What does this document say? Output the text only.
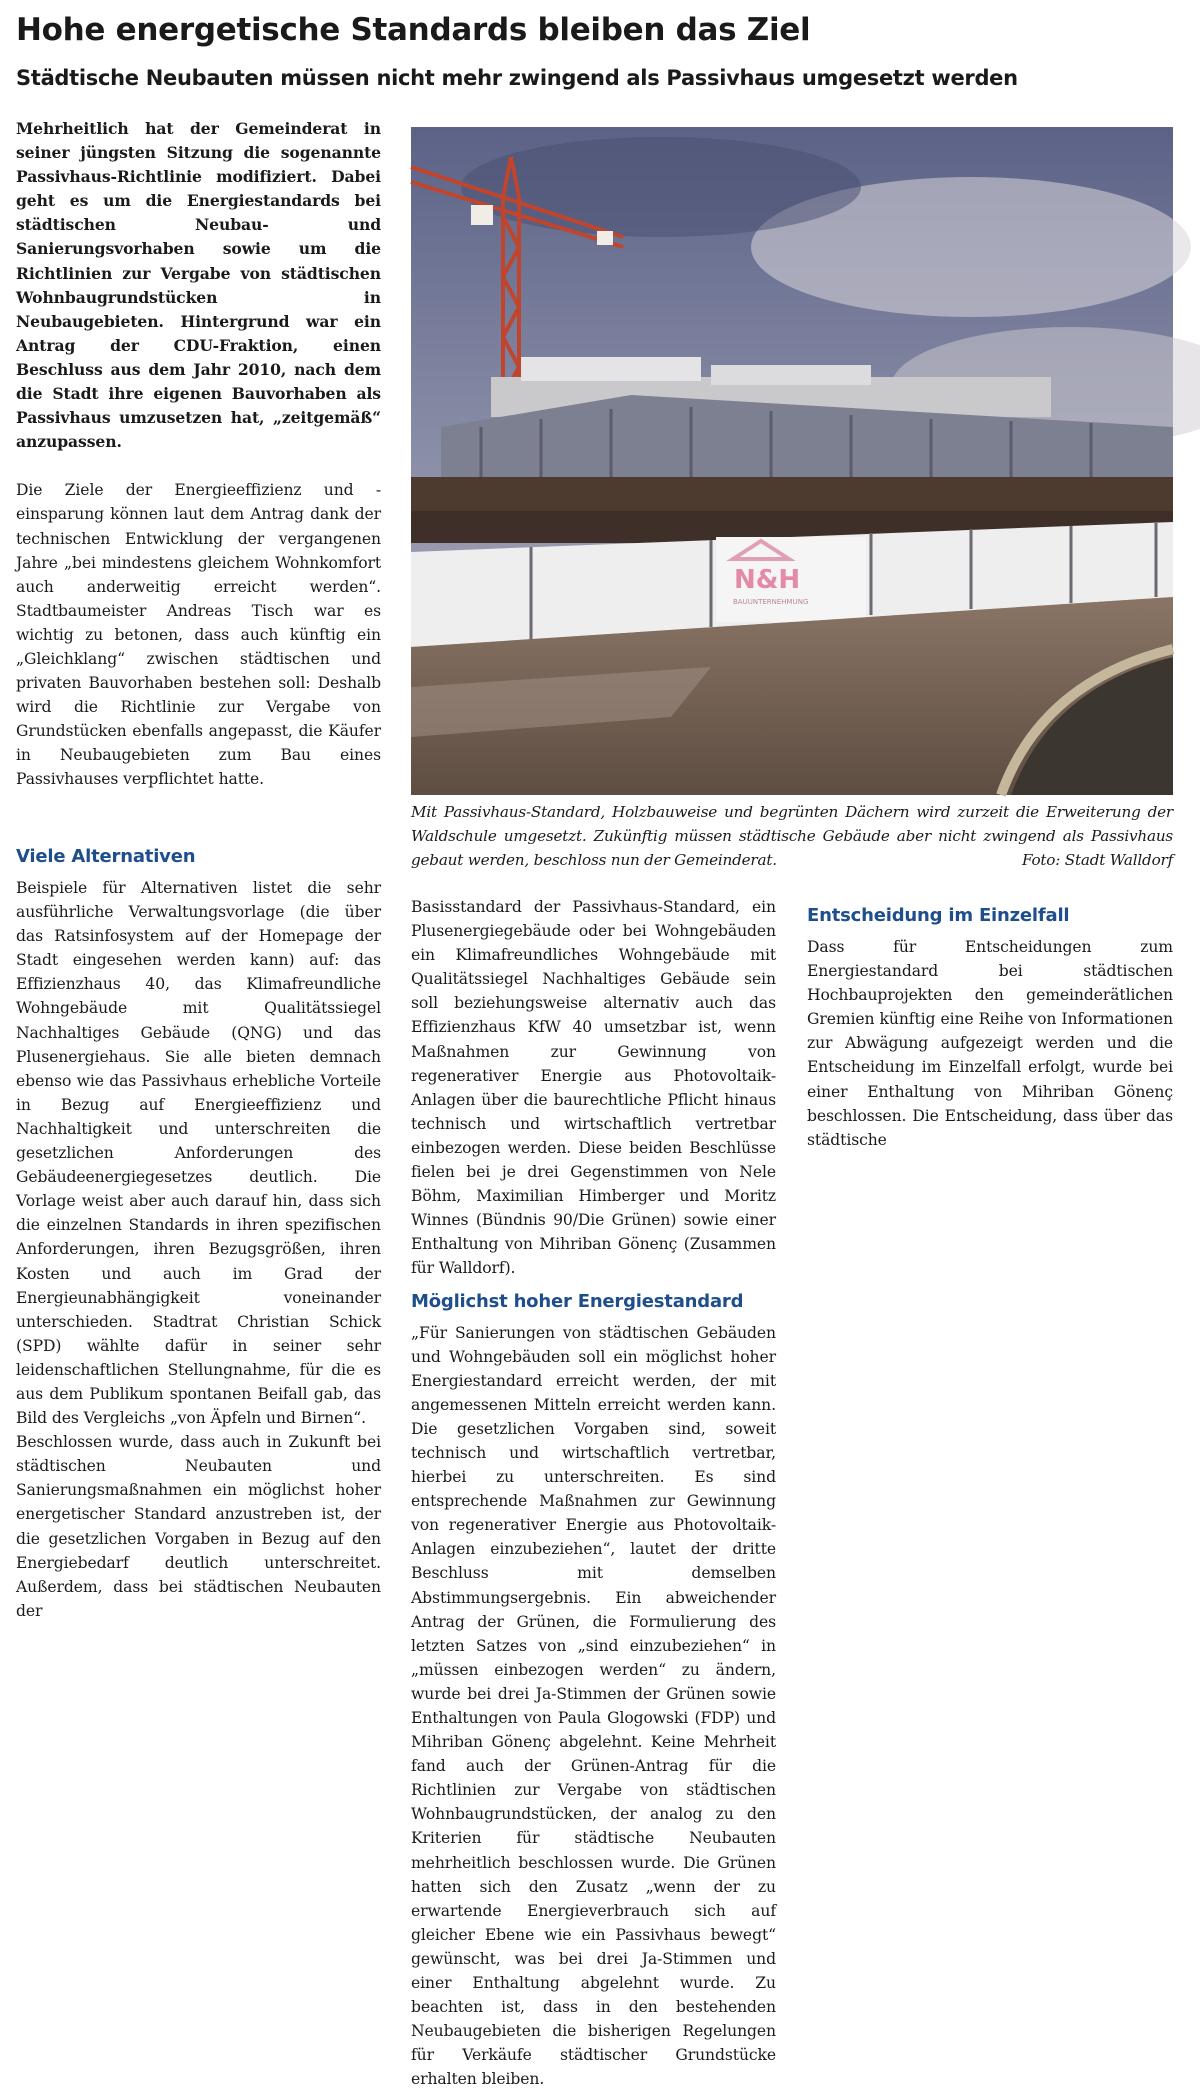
Hohe energetische Standards bleiben das Ziel
Städtische Neubauten müssen nicht mehr zwingend als Passivhaus umgesetzt werden

Mehrheitlich hat der Gemeinderat in seiner jüngsten Sitzung die sogenannte Passivhaus-Richtlinie modifiziert. Dabei geht es um die Energiestandards bei städtischen Neubau- und Sanierungsvorhaben sowie um die Richtlinien zur Vergabe von städtischen Wohnbaugrundstücken in Neubaugebieten. Hintergrund war ein Antrag der CDU-Fraktion, einen Beschluss aus dem Jahr 2010, nach dem die Stadt ihre eigenen Bauvorhaben als Passivhaus umzusetzen hat, „zeitgemäß“ anzupassen.

Die Ziele der Energieeffizienz und -einsparung können laut dem Antrag dank der technischen Entwicklung der vergangenen Jahre „bei mindestens gleichem Wohnkomfort auch anderweitig erreicht werden“. Stadtbaumeister Andreas Tisch war es wichtig zu betonen, dass auch künftig ein „Gleichklang“ zwischen städtischen und privaten Bauvorhaben bestehen soll: Deshalb wird die Richtlinie zur Vergabe von Grundstücken ebenfalls angepasst, die Käufer in Neubaugebieten zum Bau eines Passivhauses verpflichtet hatte.

N&H
BAUUNTERNEHMUNG
Mit Passivhaus-Standard, Holzbauweise und begrünten Dächern wird zurzeit die Erweiterung der Waldschule umgesetzt. Zukünftig müssen städtische Gebäude aber nicht zwingend als Passivhaus gebaut werden, beschloss nun der Gemeinderat.	Foto: Stadt Walldorf
Viele Alternativen

Beispiele für Alternativen listet die sehr ausführliche Verwaltungsvorlage (die über das Ratsinfosystem auf der Homepage der Stadt eingesehen werden kann) auf: das Effizienzhaus 40, das Klimafreundliche Wohngebäude mit Qualitätssiegel Nachhaltiges Gebäude (QNG) und das Plusenergiehaus. Sie alle bieten demnach ebenso wie das Passivhaus erhebliche Vorteile in Bezug auf Energieeffizienz und Nachhaltigkeit und unterschreiten die gesetzlichen Anforderungen des Gebäudeenergiegesetzes deutlich. Die Vorlage weist aber auch darauf hin, dass sich die einzelnen Standards in ihren spezifischen Anforderungen, ihren Bezugsgrößen, ihren Kosten und auch im Grad der Energieunabhängigkeit voneinander unterschieden. Stadtrat Christian Schick (SPD) wählte dafür in seiner sehr leidenschaftlichen Stellungnahme, für die es aus dem Publikum spontanen Beifall gab, das Bild des Vergleichs „von Äpfeln und Birnen“.

Beschlossen wurde, dass auch in Zukunft bei städtischen Neubauten und Sanierungsmaßnahmen ein möglichst hoher energetischer Standard anzustreben ist, der die gesetzlichen Vorgaben in Bezug auf den Energiebedarf deutlich unterschreitet. Außerdem, dass bei städtischen Neubauten der

Basisstandard der Passivhaus-Standard, ein Plusenergiegebäude oder bei Wohngebäuden ein Klimafreundliches Wohngebäude mit Qualitätssiegel Nachhaltiges Gebäude sein soll beziehungsweise alternativ auch das Effizienzhaus KfW 40 umsetzbar ist, wenn Maßnahmen zur Gewinnung von regenerativer Energie aus Photovoltaik-Anlagen über die baurechtliche Pflicht hinaus technisch und wirtschaftlich vertretbar einbezogen werden. Diese beiden Beschlüsse fielen bei je drei Gegenstimmen von Nele Böhm, Maximilian Himberger und Moritz Winnes (Bündnis 90/Die Grünen) sowie einer Enthaltung von Mihriban Gönenç (Zusammen für Walldorf).

Möglichst hoher Energiestandard

„Für Sanierungen von städtischen Gebäuden und Wohngebäuden soll ein möglichst hoher Energiestandard erreicht werden, der mit angemessenen Mitteln erreicht werden kann. Die gesetzlichen Vorgaben sind, soweit technisch und wirtschaftlich vertretbar, hierbei zu unterschreiten. Es sind entsprechende Maßnahmen zur Gewinnung von regenerativer Energie aus Photovoltaik-Anlagen einzubeziehen“, lautet der dritte Beschluss mit demselben Abstimmungsergebnis. Ein abweichender Antrag der Grünen, die Formulierung des letzten Satzes von „sind einzubeziehen“ in „müssen einbezogen werden“ zu ändern, wurde bei drei Ja-Stimmen der Grünen sowie Enthaltungen von Paula Glogowski (FDP) und Mihriban Gönenç abgelehnt. Keine Mehrheit fand auch der Grünen-Antrag für die Richtlinien zur Vergabe von städtischen Wohnbaugrundstücken, der analog zu den Kriterien für städtische Neubauten mehrheitlich beschlossen wurde. Die Grünen hatten sich den Zusatz „wenn der zu erwartende Energieverbrauch sich auf gleicher Ebene wie ein Passivhaus bewegt“ gewünscht, was bei drei Ja-Stimmen und einer Enthaltung abgelehnt wurde. Zu beachten ist, dass in den bestehenden Neubaugebieten die bisherigen Regelungen für Verkäufe städtischer Grundstücke erhalten bleiben.

Entscheidung im Einzelfall

Dass für Entscheidungen zum Energiestandard bei städtischen Hochbauprojekten den gemeinderätlichen Gremien künftig eine Reihe von Informationen zur Abwägung aufgezeigt werden und die Entscheidung im Einzelfall erfolgt, wurde bei einer Enthaltung von Mihriban Gönenç beschlossen. Die Entscheidung, dass über das städtische
